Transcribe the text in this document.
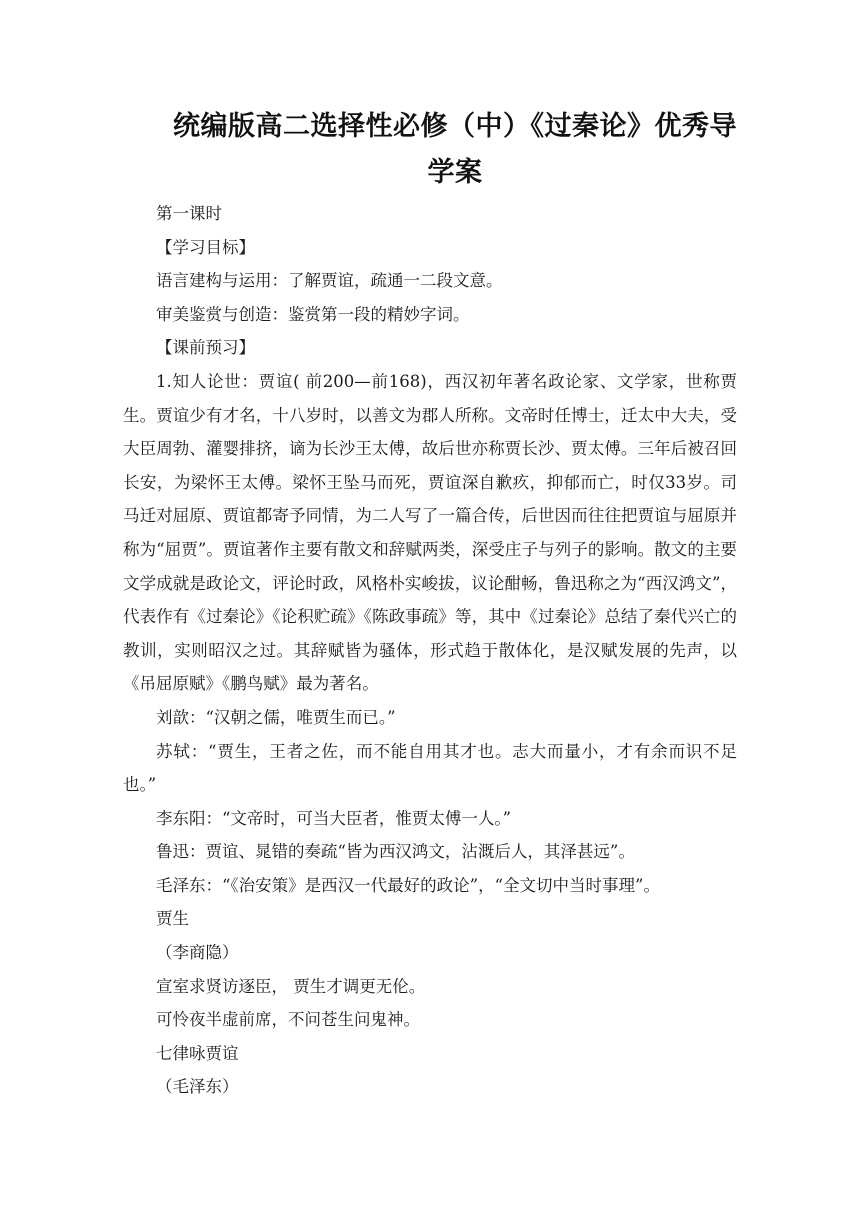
统编版高二选择性必修（中）《过秦论》优秀导
学案

第一课时

【学习目标】

语言建构与运用：了解贾谊，疏通一二段文意。

审美鉴赏与创造：鉴赏第一段的精妙字词。

【课前预习】

1.知人论世：贾谊( 前200—前168)，西汉初年著名政论家、文学家，世称贾生。贾谊少有才名，十八岁时，以善文为郡人所称。文帝时任博士，迁太中大夫，受大臣周勃、灌婴排挤，谪为长沙王太傅，故后世亦称贾长沙、贾太傅。三年后被召回长安，为梁怀王太傅。梁怀王坠马而死，贾谊深自歉疚，抑郁而亡，时仅33岁。司马迁对屈原、贾谊都寄予同情，为二人写了一篇合传，后世因而往往把贾谊与屈原并称为“屈贾”。贾谊著作主要有散文和辞赋两类，深受庄子与列子的影响。散文的主要文学成就是政论文，评论时政，风格朴实峻拔，议论酣畅，鲁迅称之为“西汉鸿文”，代表作有《过秦论》《论积贮疏》《陈政事疏》等，其中《过秦论》总结了秦代兴亡的教训，实则昭汉之过。其辞赋皆为骚体，形式趋于散体化，是汉赋发展的先声，以《吊屈原赋》《鹏鸟赋》最为著名。

刘歆：“汉朝之儒，唯贾生而已。”

苏轼：“贾生，王者之佐，而不能自用其才也。志大而量小，才有余而识不足也。”

李东阳：“文帝时，可当大臣者，惟贾太傅一人。”

鲁迅：贾谊、晁错的奏疏“皆为西汉鸿文，沾溉后人，其泽甚远”。

毛泽东：“《治安策》是西汉一代最好的政论”，“全文切中当时事理”。

贾生

（李商隐）

宣室求贤访逐臣， 贾生才调更无伦。

可怜夜半虚前席，不问苍生问鬼神。

七律咏贾谊

（毛泽东）
